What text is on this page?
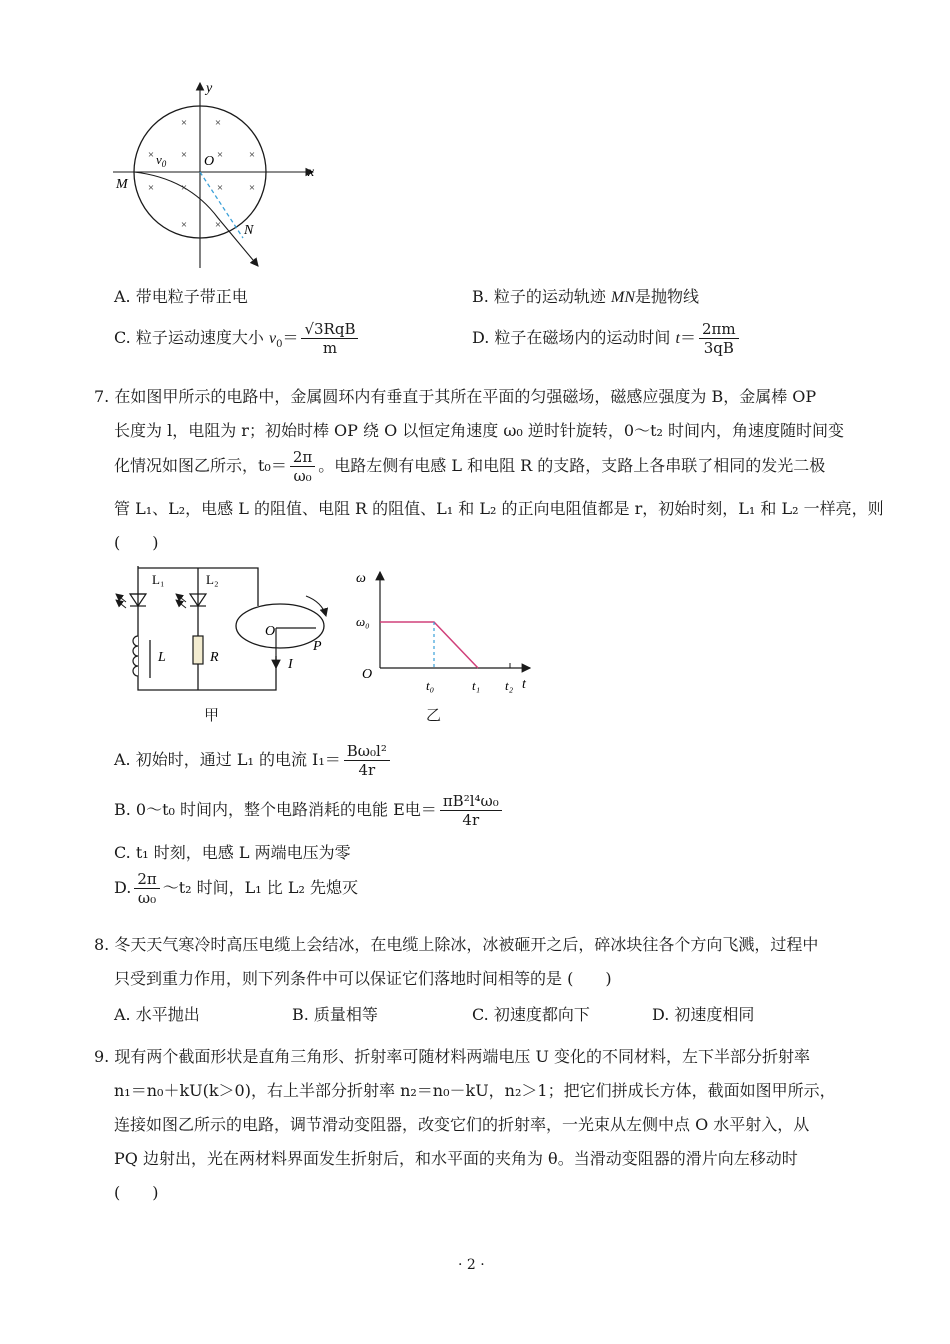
×	×
× ×	× ×
× ×	× ×
×	×
y
x
O
M
N
$v_0$
A. 带电粒子带正电	B. 粒子的运动轨迹 MN是抛物线
C. 粒子运动速度大小 $v_0= \frac{\text{√3RqB}}{m}$	D. 粒子在磁场内的运动时间 $t= \frac{2\pi m}{3qB}$
7. 在如图甲所示的电路中，金属圆环内有垂直于其所在平面的匀强磁场，磁感应强度为 B，金属棒 OP
长度为 l，电阻为 r；初始时棒 OP 绕 O 以恒定角速度 ω₀ 逆时针旋转，0～t₂ 时间内，角速度随时间变
化情况如图乙所示，$t_0= \frac{2\pi}{\text{ω₀}}$ 。电路左侧有电感 L 和电阻 R 的支路，支路上各串联了相同的发光二极
管 L₁、L₂，电感 L 的阻值、电阻 R 的阻值、L₁ 和 L₂ 的正向电阻值都是 r，初始时刻，L₁ 和 L₂ 一样亮，则
(　　)
L₁	L₂
L	R
O
P
I
甲
ω
ω₀
O
t₀	t₁ t₂ t
乙
A. 初始时，通过 L₁ 的电流 $I_1= \frac{\text{Bω₀l²}}{4r}$
B. 0～t₀ 时间内，整个电路消耗的电能 E电＝ $\frac{\text{πB²l⁴ω₀}}{4r}$
C. t₁ 时刻，电感 L 两端电压为零
D. $\frac{2\pi}{\text{ω₀}}$ ～t₂ 时间，L₁ 比 L₂ 先熄灭
8. 冬天天气寒冷时高压电缆上会结冰，在电缆上除冰，冰被砸开之后，碎冰块往各个方向飞溅，过程中
只受到重力作用，则下列条件中可以保证它们落地时间相等的是 (　　)
A. 水平抛出	B. 质量相等	C. 初速度都向下	D. 初速度相同
9. 现有两个截面形状是直角三角形、折射率可随材料两端电压 U 变化的不同材料，左下半部分折射率
n₁＝n₀＋kU(k＞0)，右上半部分折射率 n₂＝n₀－kU，n₂＞1；把它们拼成长方体，截面如图甲所示，
连接如图乙所示的电路，调节滑动变阻器，改变它们的折射率，一光束从左侧中点 O 水平射入，从
PQ 边射出，光在两材料界面发生折射后，和水平面的夹角为 θ。当滑动变阻器的滑片向左移动时
(　　)
· 2 ·
